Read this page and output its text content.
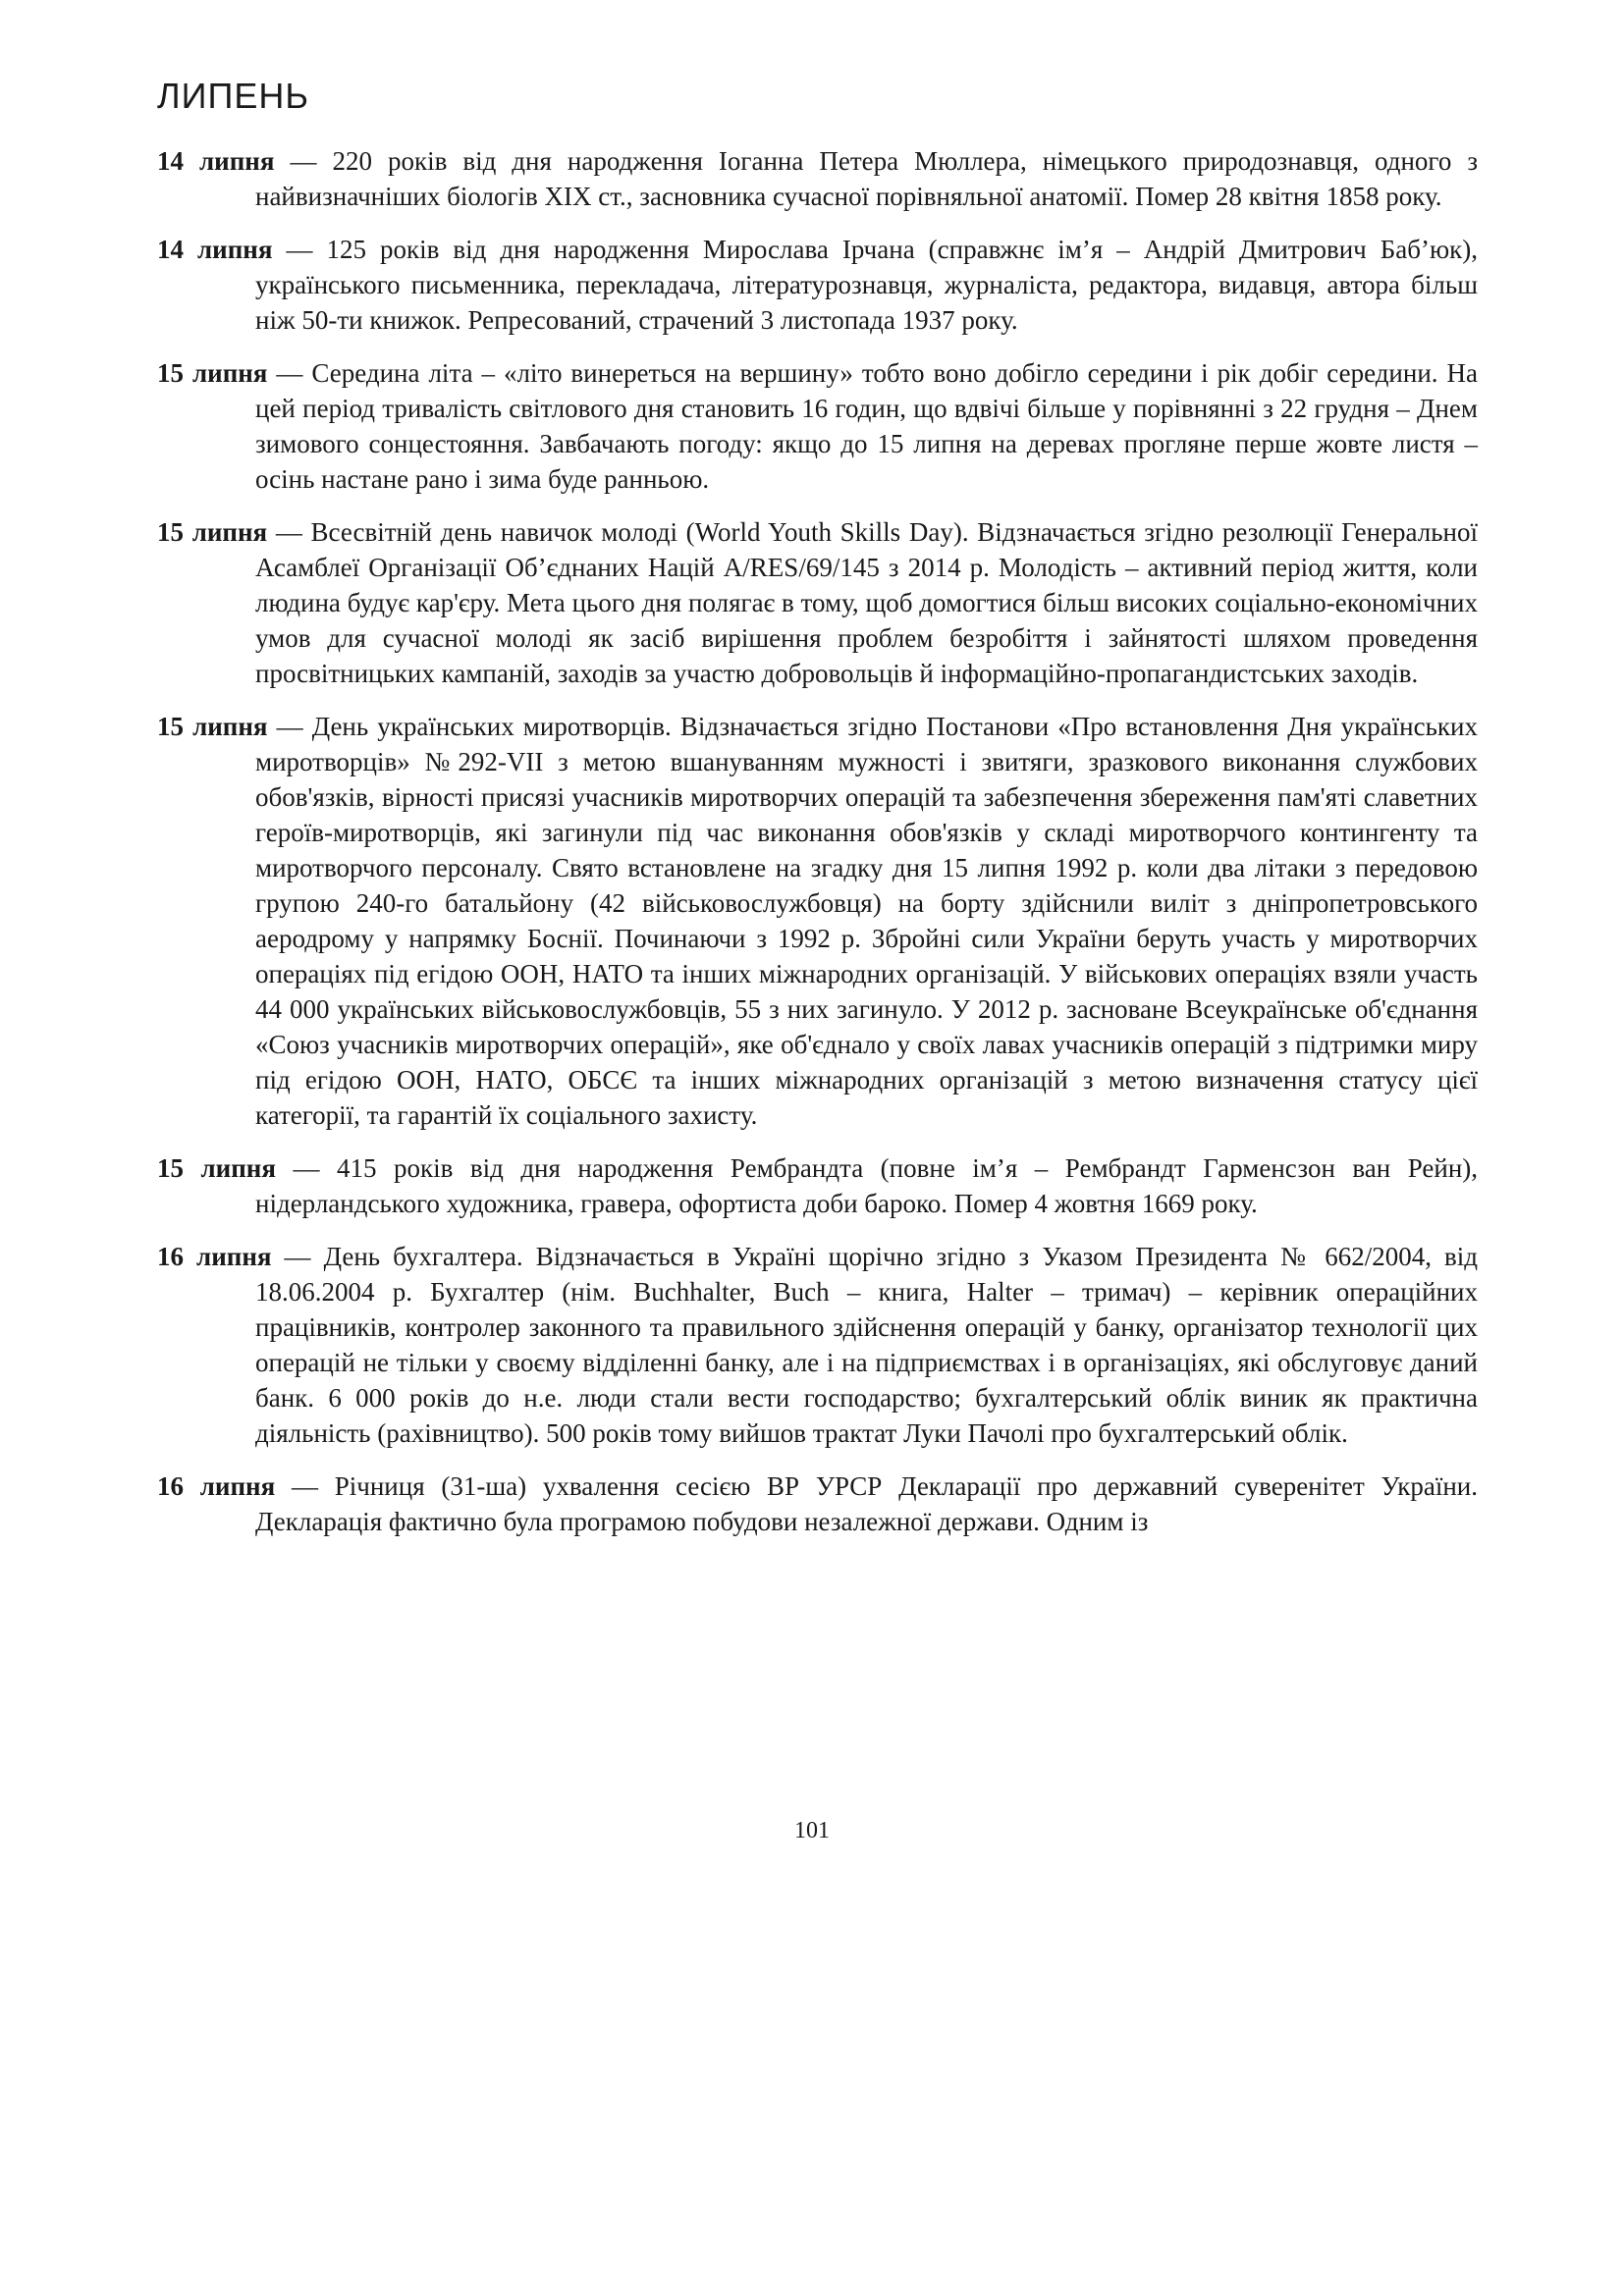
ЛИПЕНЬ

14 липня — 220 років від дня народження Іоганна Петера Мюллера, німецького природознавця, одного з найвизначніших біологів XIX ст., засновника сучасної порівняльної анатомії. Помер 28 квітня 1858 року.

14 липня — 125 років від дня народження Мирослава Ірчана (справжнє ім’я – Андрій Дмитрович Баб’юк), українського письменника, перекладача, літературознавця, журналіста, редактора, видавця, автора більш ніж 50-ти книжок. Репресований, страчений 3 листопада 1937 року.

15 липня — Середина літа – «літо винереться на вершину» тобто воно добігло середини і рік добіг середини. На цей період тривалість світлового дня становить 16 годин, що вдвічі більше у порівнянні з 22 грудня – Днем зимового сонцестояння. Завбачають погоду: якщо до 15 липня на деревах прогляне перше жовте листя – осінь настане рано і зима буде ранньою.

15 липня — Всесвітній день навичок молоді (World Youth Skills Day). Відзначається згідно резолюції Генеральної Асамблеї Організації Об’єднаних Націй A/RES/69/145 з 2014 р. Молодість – активний період життя, коли людина будує кар'єру. Мета цього дня полягає в тому, щоб домогтися більш високих соціально-економічних умов для сучасної молоді як засіб вирішення проблем безробіття і зайнятості шляхом проведення просвітницьких кампаній, заходів за участю добровольців й інформаційно-пропагандистських заходів.

15 липня — День українських миротворців. Відзначається згідно Постанови «Про встановлення Дня українських миротворців» №292-VII з метою вшануванням мужності і звитяги, зразкового виконання службових обов'язків, вірності присязі учасників миротворчих операцій та забезпечення збереження пам'яті славетних героїв-миротворців, які загинули під час виконання обов'язків у складі миротворчого контингенту та миротворчого персоналу. Свято встановлене на згадку дня 15 липня 1992 р. коли два літаки з передовою групою 240-го батальйону (42 військовослужбовця) на борту здійснили виліт з дніпропетровського аеродрому у напрямку Боснії. Починаючи з 1992 р. Збройні сили України беруть участь у миротворчих операціях під егідою ООН, НАТО та інших міжнародних організацій. У військових операціях взяли участь 44 000 українських військовослужбовців, 55 з них загинуло. У 2012 р. засноване Всеукраїнське об'єднання «Союз учасників миротворчих операцій», яке об'єднало у своїх лавах учасників операцій з підтримки миру під егідою ООН, НАТО, ОБСЄ та інших міжнародних організацій з метою визначення статусу цієї категорії, та гарантій їх соціального захисту.

15 липня — 415 років від дня народження Рембрандта (повне ім’я – Рембрандт Гарменсзон ван Рейн), нідерландського художника, гравера, офортиста доби бароко. Помер 4 жовтня 1669 року.

16 липня — День бухгалтера. Відзначається в Україні щорічно згідно з Указом Президента № 662/2004, від 18.06.2004 р. Бухгалтер (нім. Buchhalter, Buch – книга, Halter – тримач) – керівник операційних працівників, контролер законного та правильного здійснення операцій у банку, організатор технології цих операцій не тільки у своєму відділенні банку, але і на підприємствах і в організаціях, які обслуговує даний банк. 6 000 років до н.е. люди стали вести господарство; бухгалтерський облік виник як практична діяльність (рахівництво). 500 років тому вийшов трактат Луки Пачолі про бухгалтерський облік.

16 липня — Річниця (31-ша) ухвалення сесією ВР УРСР Декларації про державний суверенітет України. Декларація фактично була програмою побудови незалежної держави. Одним із

101
